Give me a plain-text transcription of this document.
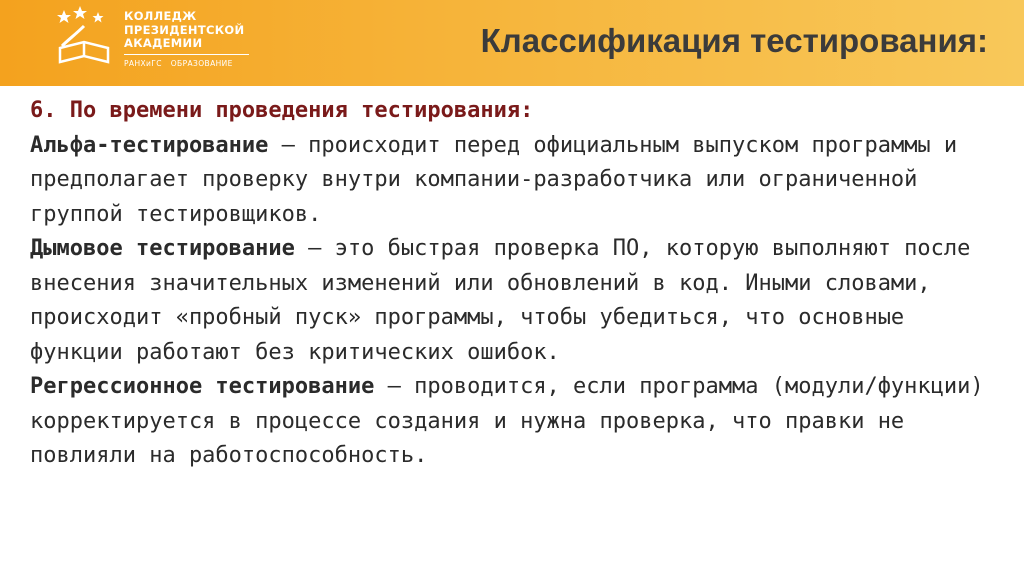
КОЛЛЕДЖ
ПРЕЗИДЕНТСКОЙ
АКАДЕМИИ
РАНХиГС ОБРАЗОВАНИЕ
Классификация тестирования:

6. По времени проведения тестирования:

Альфа-тестирование — происходит перед официальным выпуском программы и предполагает проверку внутри компании-разработчика или ограниченной группой тестировщиков.

Дымовое тестирование — это быстрая проверка ПО, которую выполняют после внесения значительных изменений или обновлений в код. Иными словами, происходит «пробный пуск» программы, чтобы убедиться, что основные функции работают без критических ошибок.

Регрессионное тестирование – проводится, если программа (модули/функции) корректируется в процессе создания и нужна проверка, что правки не повлияли на работоспособность.
